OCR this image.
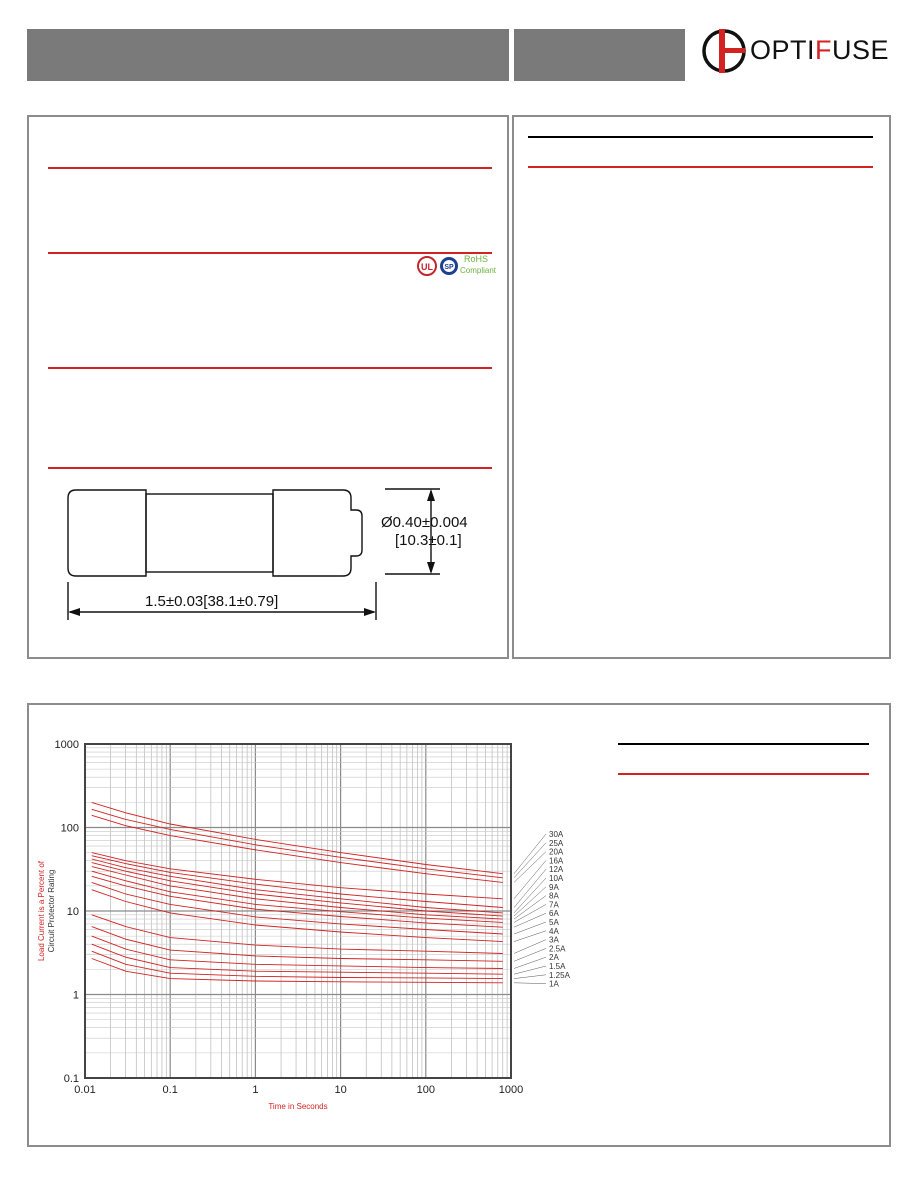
OPTIFUSE
UL SP
RoHS
Compliant
Ø0.40±0.004
[10.3±0.1]
1.5±0.03[38.1±0.79]
0.01	0.1	1	10	100	1000
0.1
1
10
100
1000
30A
25A
20A
16A
12A
10A
9A
8A
7A
6A
5A
4A
3A
2.5A
2A
1.5A
1.25A
1A
Time in Seconds
Load Current is a Percent of Circuit Protector Rating
